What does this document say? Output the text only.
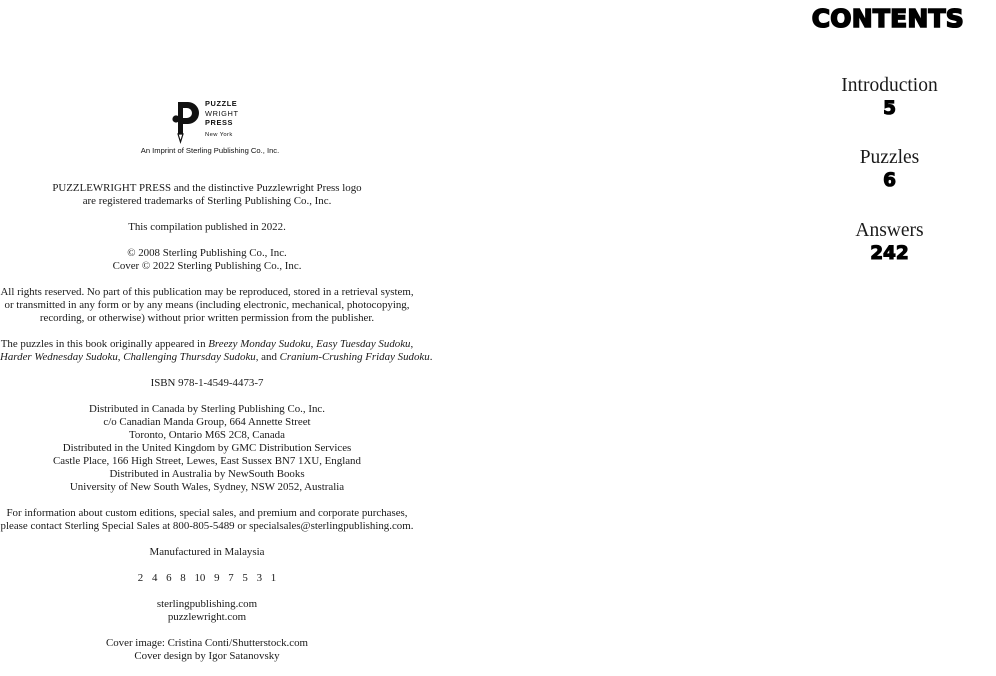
PUZZLE
WRIGHT
PRESS
New York
An Imprint of Sterling Publishing Co., Inc.

PUZZLEWRIGHT PRESS and the distinctive Puzzlewright Press logo
are registered trademarks of Sterling Publishing Co., Inc.

This compilation published in 2022.

© 2008 Sterling Publishing Co., Inc.
Cover © 2022 Sterling Publishing Co., Inc.

All rights reserved. No part of this publication may be reproduced, stored in a retrieval system,
or transmitted in any form or by any means (including electronic, mechanical, photocopying,
recording, or otherwise) without prior written permission from the publisher.

The puzzles in this book originally appeared in Breezy Monday Sudoku, Easy Tuesday Sudoku,
Harder Wednesday Sudoku, Challenging Thursday Sudoku, and Cranium-Crushing Friday Sudoku.

ISBN 978-1-4549-4473-7

Distributed in Canada by Sterling Publishing Co., Inc.
c/o Canadian Manda Group, 664 Annette Street
Toronto, Ontario M6S 2C8, Canada
Distributed in the United Kingdom by GMC Distribution Services
Castle Place, 166 High Street, Lewes, East Sussex BN7 1XU, England
Distributed in Australia by NewSouth Books
University of New South Wales, Sydney, NSW 2052, Australia

For information about custom editions, special sales, and premium and corporate purchases,
please contact Sterling Special Sales at 800-805-5489 or specialsales@sterlingpublishing.com.

Manufactured in Malaysia

2 4 6 8 10 9 7 5 3 1

sterlingpublishing.com
puzzlewright.com

Cover image: Cristina Conti/Shutterstock.com
Cover design by Igor Satanovsky

CONTENTS
Introduction
5
Puzzles
6
Answers
242
